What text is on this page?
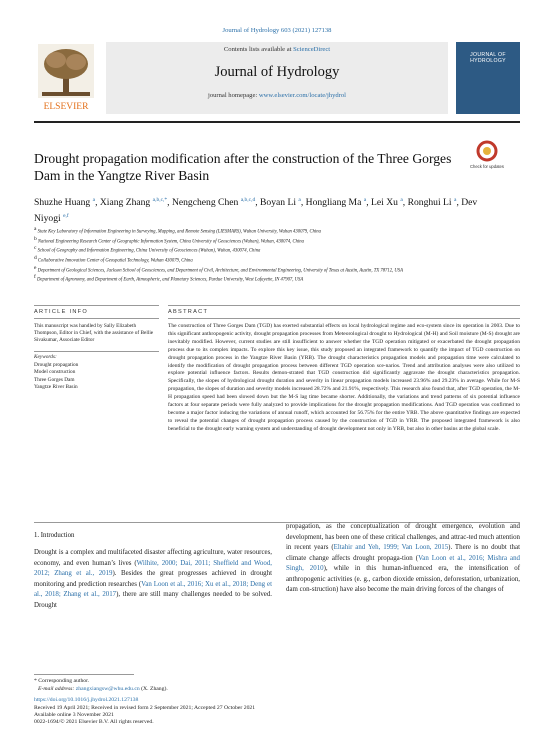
Journal of Hydrology 603 (2021) 127138
ELSEVIER
Contents lists available at ScienceDirect
Journal of Hydrology
journal homepage: www.elsevier.com/locate/jhydrol
JOURNAL OF HYDROLOGY
Drought propagation modification after the construction of the Three Gorges Dam in the Yangtze River Basin
Check for updates
Shuzhe Huang $^a$, Xiang Zhang $^{a,b,c,*}$, Nengcheng Chen $^{a,b,c,d}$, Boyan Li $^a$, Hongliang Ma $^a$, Lei Xu $^a$, Ronghui Li $^a$, Dev Niyogi $^{e,f}$
$^a$ State Key Laboratory of Information Engineering in Surveying, Mapping, and Remote Sensing (LIESMARS), Wuhan University, Wuhan 430079, China
$^b$ National Engineering Research Center of Geographic Information System, China University of Geosciences (Wuhan), Wuhan, 430074, China
$^c$ School of Geography and Information Engineering, China University of Geosciences (Wuhan), Wuhan, 430074, China
$^d$ Collaborative Innovation Center of Geospatial Technology, Wuhan 430079, China
$^e$ Department of Geological Sciences, Jackson School of Geosciences, and Department of Civil, Architecture, and Environmental Engineering, University of Texas at Austin, Austin, TX 78712, USA
$^f$ Department of Agronomy, and Department of Earth, Atmospheric, and Planetary Sciences, Purdue University, West Lafayette, IN 47907, USA
ARTICLE INFO	ABSTRACT
This manuscript was handled by Sally Elizabeth Thompson, Editor in Chief, with the assistance of Bellie Sivakumar, Associate Editor
Keywords:
Drought propagation
Model construction
Three Gorges Dam
Yangtze River Basin
The construction of Three Gorges Dam (TGD) has exerted substantial effects on local hydrological regime and eco-system since its operation in 2003. Due to this significant anthropogenic activity, drought propagation processes from Meteorological drought to Hydrological (M-H) and Soil moisture (M-S) drought are inevitably modified. However, current studies are still insufficient to answer whether the TGD operation mitigated or exacerbated the drought propagation process due to its complex impacts. To explore this key issue, this study proposed an integrated framework to quantify the impact of TGD construction on drought propagation process in the Yangtze River Basin (YRB). The drought characteristics propagation models and propagation time were calculated to identify the modification of drought propagation process between different TGD operation sce-narios. Trend and attribution analyses were also utilized to explore potential influence factors. Results demon-strated that TGD construction did significantly aggravate the drought characteristics propagation. Specifically, the slopes of hydrological drought duration and severity in linear propagation models increased 23.96% and 29.23% in average. While for M-S propagation, the slopes of duration and severity models increased 28.72% and 21.91%, respectively. This research also found that, after TGD operation, the M-H propagation speed had been slowed down but the M-S lag time became shorter. Additionally, the variations and trend patterns of six potential influence factors at four separate periods were fully analyzed to provide implications for the drought propagation modifications. And TGD operation was confirmed to become a major factor inducing the variations of annual runoff, which accounted for 56.75% for the entire YRB. The above quantitative findings are expected to reveal the potential changes of drought propagation process caused by the construction of TGD in YRB. The proposed integrated framework is also beneficial to the drought early warning system and understanding of drought development not only in YRB, but also in other basins at the global scale.
1. Introduction
Drought is a complex and multifaceted disaster affecting agriculture, water resources, economy, and even human’s lives (Wilhite, 2000; Dai, 2011; Sheffield and Wood, 2012; Zhang et al., 2019). Besides the great progresses achieved in drought monitoring and prediction researches (Van Loon et al., 2016; Xu et al., 2018; Deng et al., 2018; Zhang et al., 2017), there are still many challenges needed to be solved. Drought
propagation, as the conceptualization of drought emergence, evolution and development, has been one of these critical challenges, and attrac-ted much attention in recent years (Eltahir and Yeh, 1999; Van Loon, 2015). There is no doubt that climate change affects drought propaga-tion (Van Loon et al., 2016; Mishra and Singh, 2010), while in this human-influenced era, the intensification of anthropogenic activities (e. g., carbon dioxide emission, deforestation, urbanization, dam con-struction) have also become the main driving forces of the changes of
* Corresponding author.
E-mail address: zhangxiangsw@whu.edu.cn (X. Zhang).
https://doi.org/10.1016/j.jhydrol.2021.127138
Received 19 April 2021; Received in revised form 2 September 2021; Accepted 27 October 2021
Available online 3 November 2021
0022-1694/© 2021 Elsevier B.V. All rights reserved.
